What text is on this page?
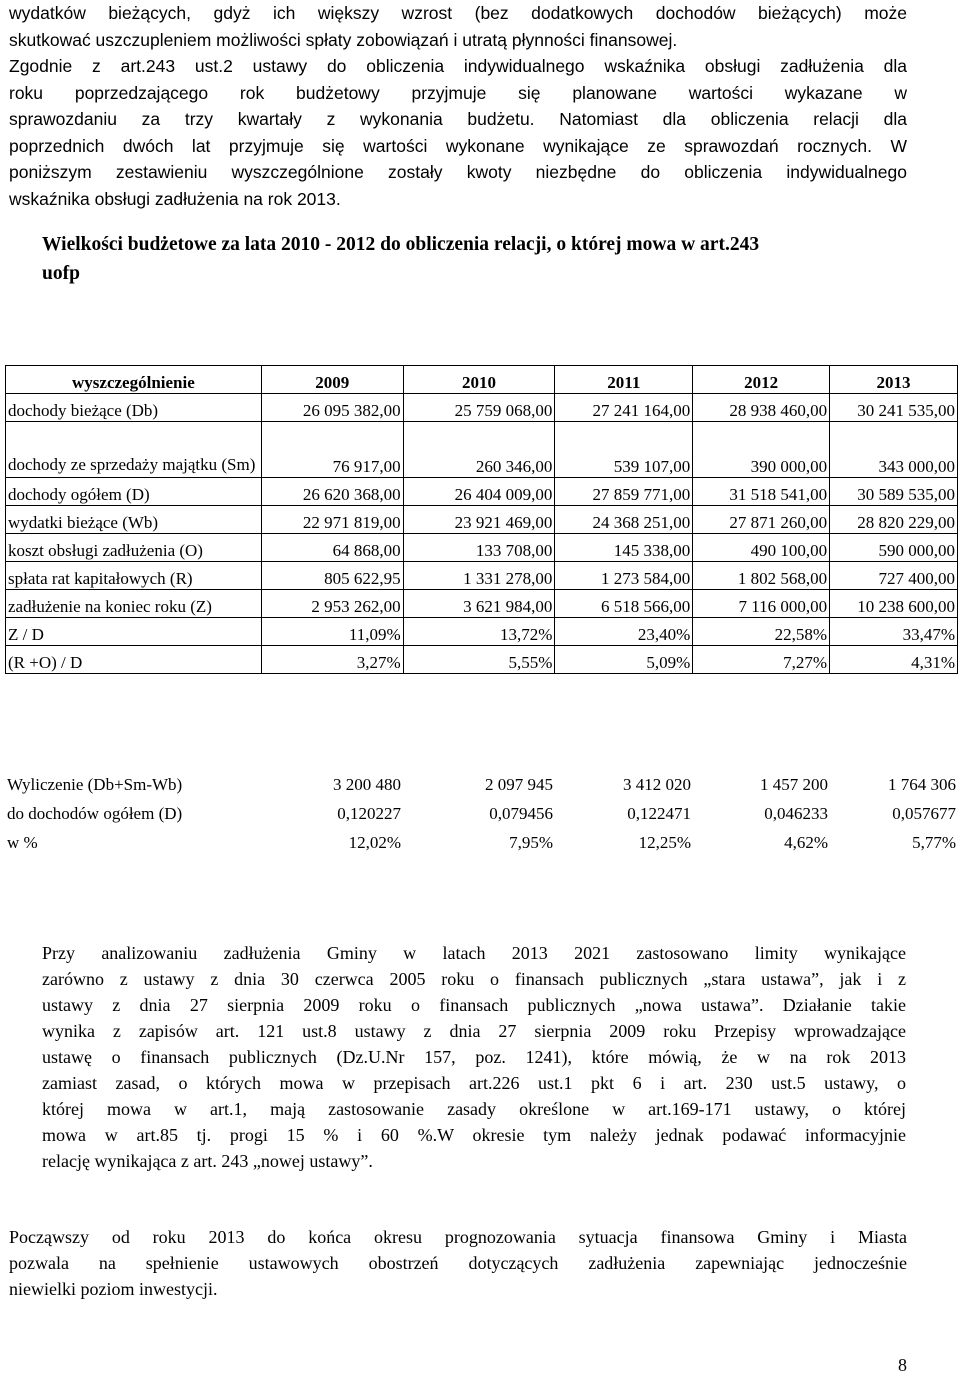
wydatków bieżących, gdyż ich większy wzrost (bez dodatkowych dochodów bieżących) może
skutkować uszczupleniem możliwości spłaty zobowiązań i utratą płynności finansowej.
Zgodnie z art.243 ust.2 ustawy do obliczenia indywidualnego wskaźnika obsługi zadłużenia dla
roku poprzedzającego rok budżetowy przyjmuje się planowane wartości wykazane w
sprawozdaniu za trzy kwartały z wykonania budżetu. Natomiast dla obliczenia relacji dla
poprzednich dwóch lat przyjmuje się wartości wykonane wynikające ze sprawozdań rocznych. W
poniższym zestawieniu wyszczególnione zostały kwoty niezbędne do obliczenia indywidualnego
wskaźnika obsługi zadłużenia na rok 2013.
Wielkości budżetowe za lata 2010 - 2012 do obliczenia relacji, o której mowa w art.243
uofp
wyszczególnienie	2009	2010	2011	2012	2013
dochody bieżące (Db)	26 095 382,00	25 759 068,00	27 241 164,00	28 938 460,00	30 241 535,00
dochody ze sprzedaży majątku (Sm)	76 917,00	260 346,00	539 107,00	390 000,00	343 000,00
dochody ogółem (D)	26 620 368,00	26 404 009,00	27 859 771,00	31 518 541,00	30 589 535,00
wydatki bieżące (Wb)	22 971 819,00	23 921 469,00	24 368 251,00	27 871 260,00	28 820 229,00
koszt obsługi zadłużenia (O)	64 868,00	133 708,00	145 338,00	490 100,00	590 000,00
spłata rat kapitałowych (R)	805 622,95	1 331 278,00	1 273 584,00	1 802 568,00	727 400,00
zadłużenie na koniec roku (Z)	2 953 262,00	3 621 984,00	6 518 566,00	7 116 000,00	10 238 600,00
Z / D	11,09%	13,72%	23,40%	22,58%	33,47%
(R +O) / D	3,27%	5,55%	5,09%	7,27%	4,31%
Wyliczenie (Db+Sm-Wb)	3 200 480	2 097 945	3 412 020	1 457 200	1 764 306
do dochodów ogółem (D)	0,120227	0,079456	0,122471	0,046233	0,057677
w %	12,02%	7,95%	12,25%	4,62%	5,77%
Przy analizowaniu zadłużenia Gminy w latach 2013 2021 zastosowano limity wynikające
zarówno z ustawy z dnia 30 czerwca 2005 roku o finansach publicznych „stara ustawa”, jak i z
ustawy z dnia 27 sierpnia 2009 roku o finansach publicznych „nowa ustawa”. Działanie takie
wynika z zapisów art. 121 ust.8 ustawy z dnia 27 sierpnia 2009 roku Przepisy wprowadzające
ustawę o finansach publicznych (Dz.U.Nr 157, poz. 1241), które mówią, że w na rok 2013
zamiast zasad, o których mowa w przepisach art.226 ust.1 pkt 6 i art. 230 ust.5 ustawy, o
której mowa w art.1, mają zastosowanie zasady określone w art.169-171 ustawy, o której
mowa w art.85 tj. progi 15 % i 60 %.W okresie tym należy jednak podawać informacyjnie
relację wynikająca z art. 243 „nowej ustawy”.
Począwszy od roku 2013 do końca okresu prognozowania sytuacja finansowa Gminy i Miasta
pozwala na spełnienie ustawowych obostrzeń dotyczących zadłużenia zapewniając jednocześnie
niewielki poziom inwestycji.
8
